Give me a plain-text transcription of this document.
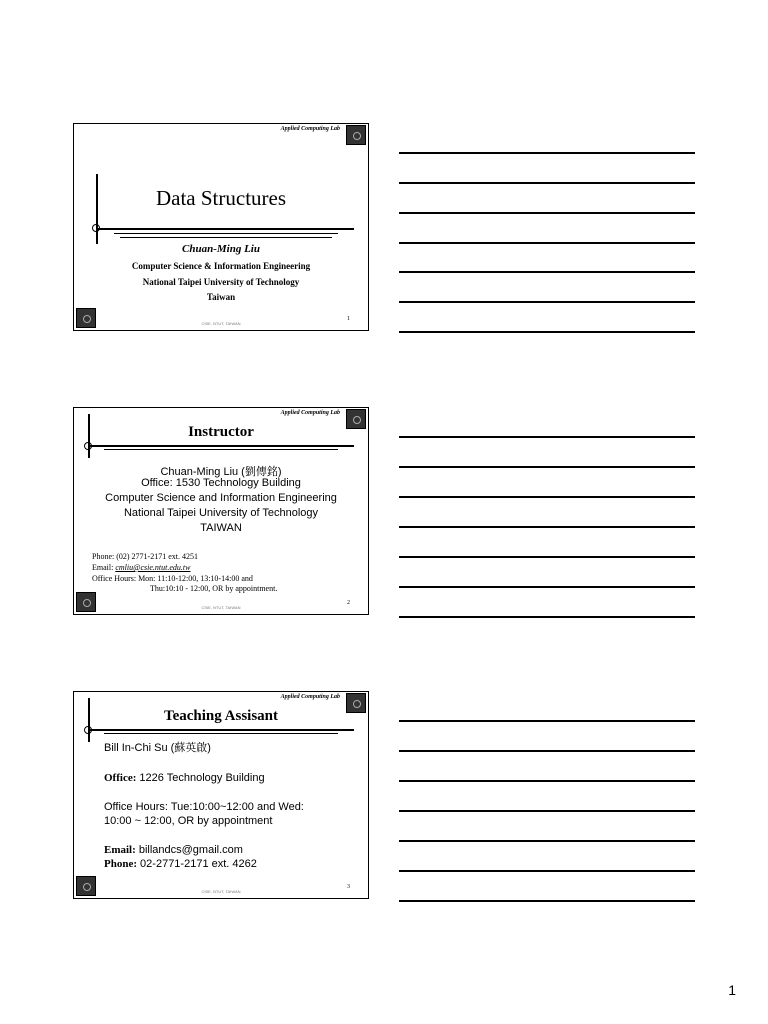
Applied Computing Lab
Data Structures
Chuan-Ming Liu
Computer Science & Information Engineering
National Taipei University of Technology
Taiwan
1
CSIE, NTUT, TAIWAN
Applied Computing Lab
Instructor
Chuan-Ming Liu (劉傳銘)
Office: 1530 Technology Building
Computer Science and Information Engineering
National Taipei University of Technology
TAIWAN
Phone: (02) 2771-2171 ext. 4251
Email: cmliu@csie.ntut.edu.tw
Office Hours: Mon: 11:10-12:00, 13:10-14:00 and
Thu:10:10 - 12:00, OR by appointment.
2
CSIE, NTUT, TAIWAN
Applied Computing Lab
Teaching Assisant
Bill In-Chi Su (蘇英啟)
Office: 1226 Technology Building
Office Hours: Tue:10:00~12:00 and Wed:
10:00 ~ 12:00, OR by appointment
Email: billandcs@gmail.com
Phone: 02-2771-2171 ext. 4262
3
CSIE, NTUT, TAIWAN
1
